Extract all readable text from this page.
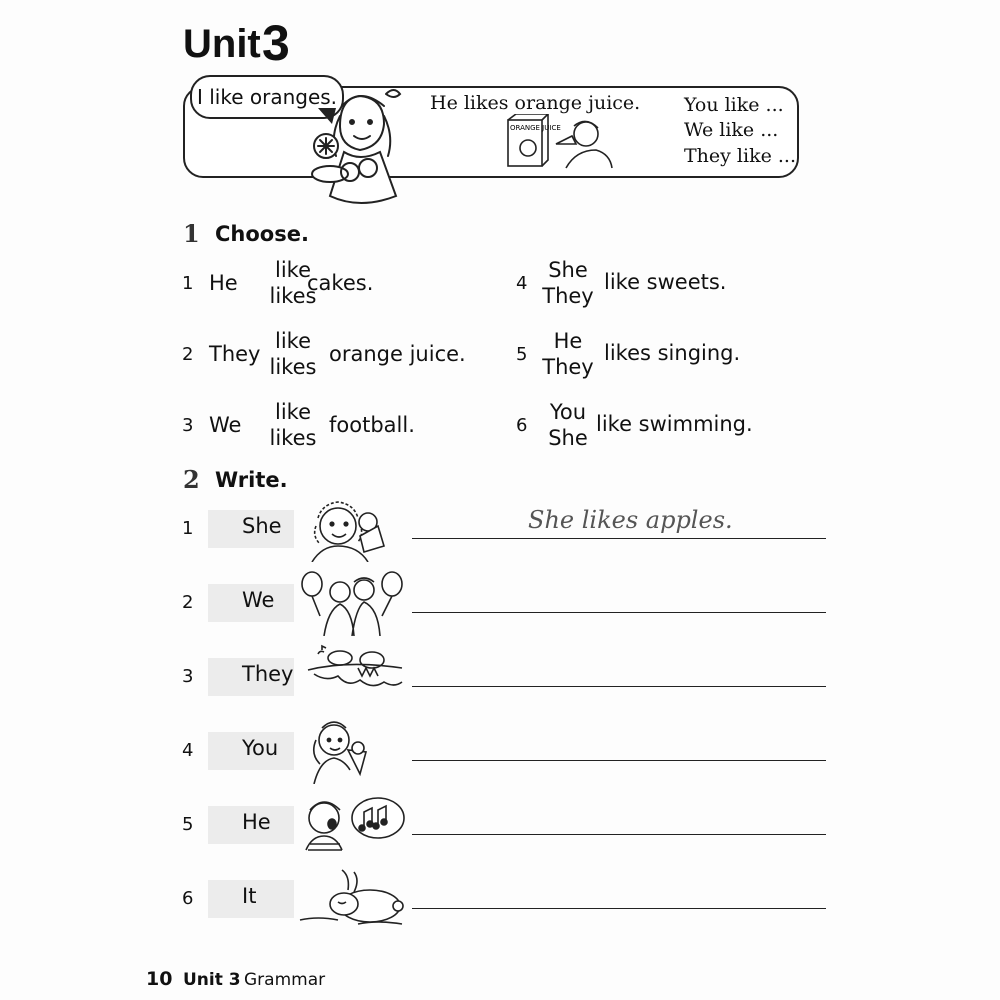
Unit 3
I like oranges.	He likes orange juice.
ORANGE JUICE
You like ...
We like ...
They like ...
1 Choose.
1 He
like
likes
cakes.
2 They
like
likes
orange juice.
3 We
like
likes
football.
4
She
They
like sweets.
5
He
They
likes singing.
6
You
She
like swimming.
2 Write.
1 She	She likes apples.
2 We
3 They
4 You
5 He
6 It
10 Unit 3 Grammar
